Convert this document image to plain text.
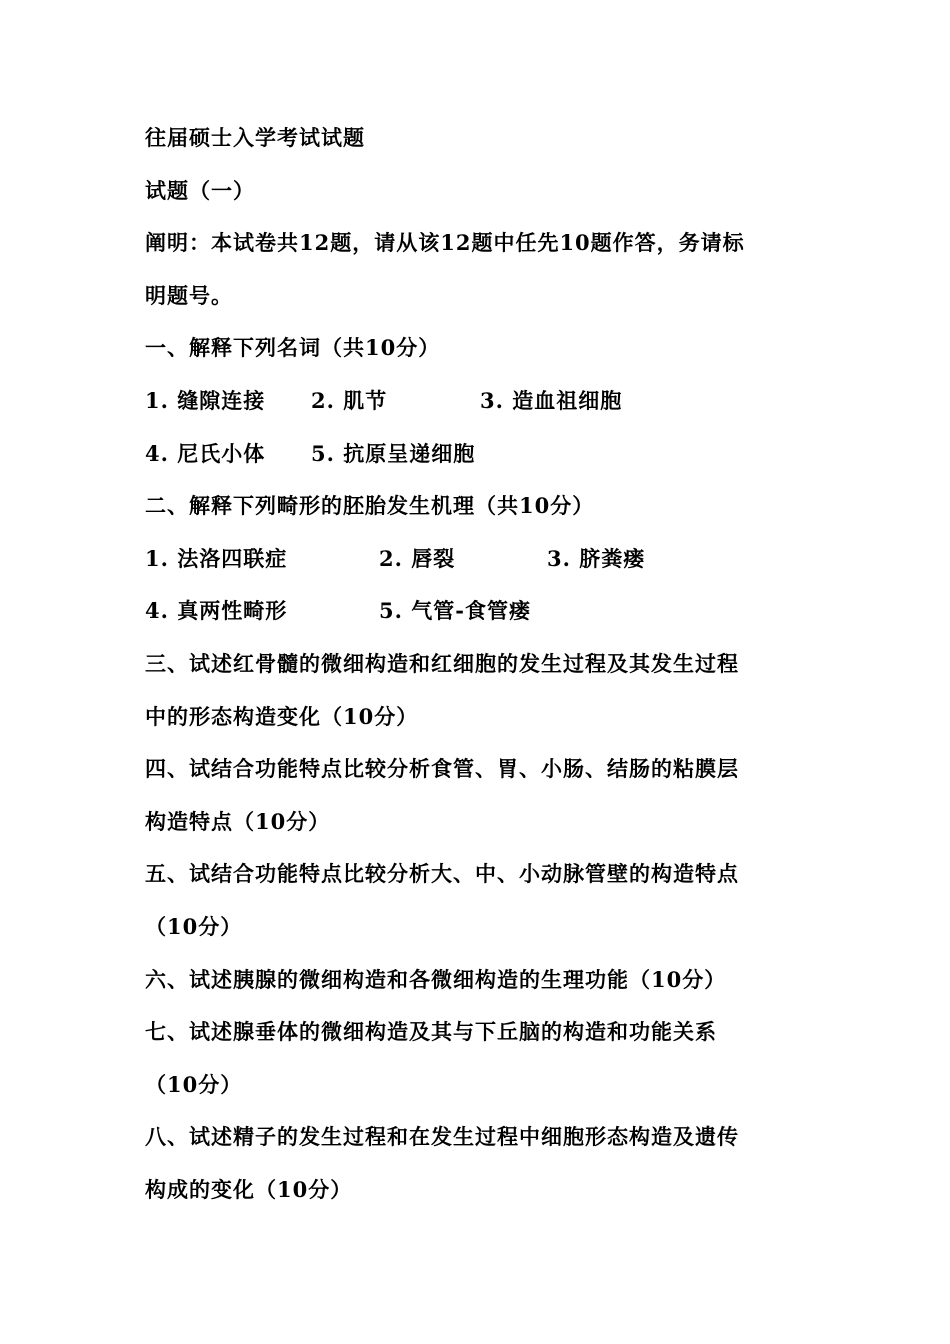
往届硕士入学考试试题
试题（一）
阐明：本试卷共12题，请从该12题中任先10题作答，务请标
明题号。
一、解释下列名词（共10分）
1. 缝隙连接 2. 肌节	3. 造血祖细胞
4. 尼氏小体 5. 抗原呈递细胞
二、解释下列畸形的胚胎发生机理（共10分）
1. 法洛四联症	2. 唇裂	3. 脐粪瘘
4. 真两性畸形	5. 气管-食管瘘
三、试述红骨髓的微细构造和红细胞的发生过程及其发生过程
中的形态构造变化（10分）
四、试结合功能特点比较分析食管、胃、小肠、结肠的粘膜层
构造特点（10分）
五、试结合功能特点比较分析大、中、小动脉管壁的构造特点
（10分）
六、试述胰腺的微细构造和各微细构造的生理功能（10分）
七、试述腺垂体的微细构造及其与下丘脑的构造和功能关系
（10分）
八、试述精子的发生过程和在发生过程中细胞形态构造及遗传
构成的变化（10分）
